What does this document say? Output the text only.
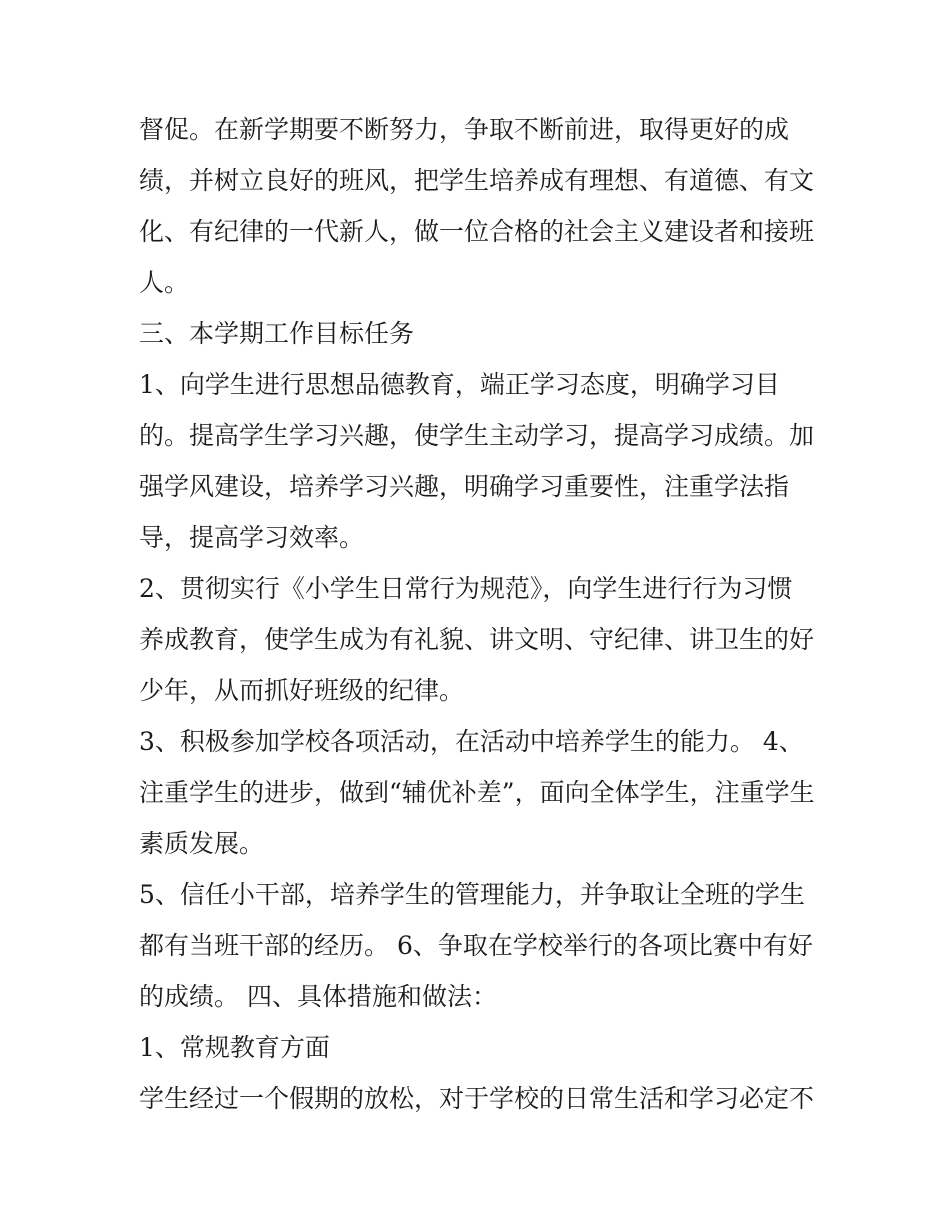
督促。在新学期要不断努力，争取不断前进，取得更好的成
绩，并树立良好的班风，把学生培养成有理想、有道德、有文
化、有纪律的一代新人，做一位合格的社会主义建设者和接班
人。
三、本学期工作目标任务
1、向学生进行思想品德教育，端正学习态度，明确学习目
的。提高学生学习兴趣，使学生主动学习，提高学习成绩。加
强学风建设，培养学习兴趣，明确学习重要性，注重学法指
导，提高学习效率。
2、贯彻实行《小学生日常行为规范》，向学生进行行为习惯
养成教育，使学生成为有礼貌、讲文明、守纪律、讲卫生的好
少年，从而抓好班级的纪律。
3、积极参加学校各项活动，在活动中培养学生的能力。 4、
注重学生的进步，做到“辅优补差”，面向全体学生，注重学生
素质发展。
5、信任小干部，培养学生的管理能力，并争取让全班的学生
都有当班干部的经历。 6、争取在学校举行的各项比赛中有好
的成绩。 四、具体措施和做法：
1、常规教育方面
学生经过一个假期的放松，对于学校的日常生活和学习必定不
